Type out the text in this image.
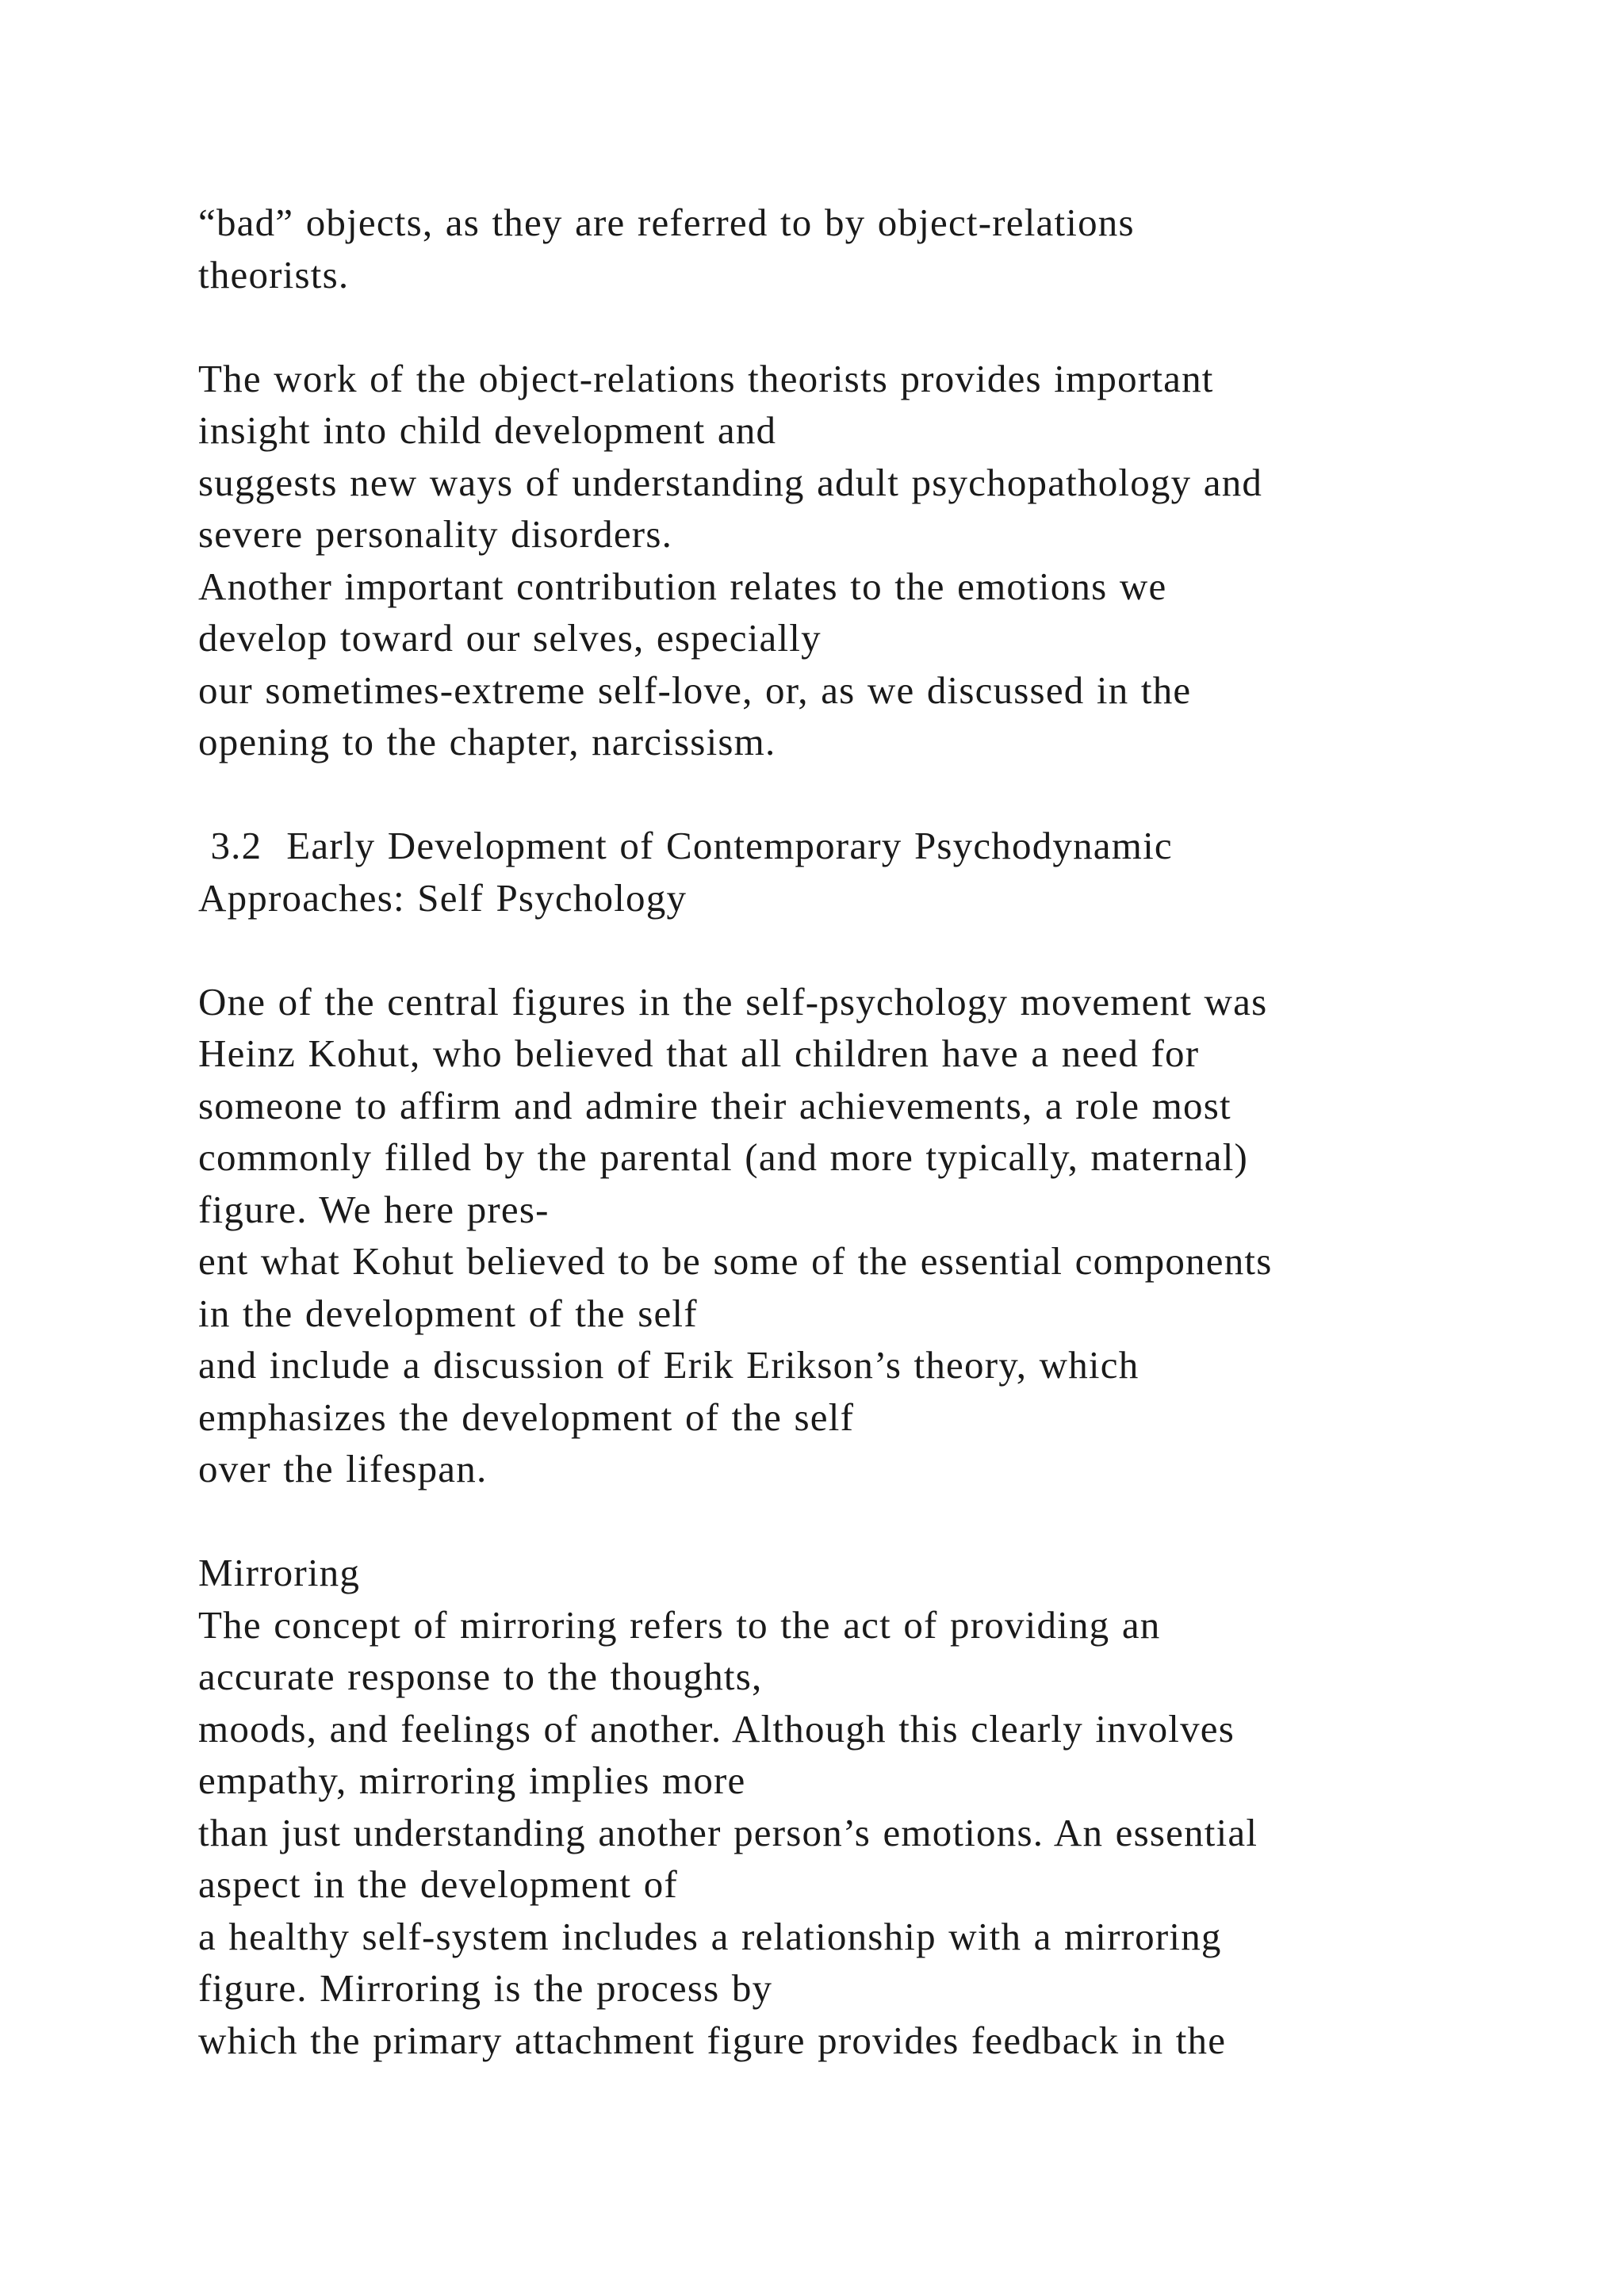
“bad” objects, as they are referred to by object-relations
theorists.
The work of the object-relations theorists provides important
insight into child development and
suggests new ways of understanding adult psychopathology and
severe personality disorders.
Another important contribution relates to the emotions we
develop toward our selves, especially
our sometimes-extreme self-love, or, as we discussed in the
opening to the chapter, narcissism.
3.2  Early Development of Contemporary Psychodynamic
Approaches: Self Psychology
One of the central figures in the self-psychology movement was
Heinz Kohut, who believed that all children have a need for
someone to affirm and admire their achievements, a role most
commonly filled by the parental (and more typically, maternal)
figure. We here pres-
ent what Kohut believed to be some of the essential components
in the development of the self
and include a discussion of Erik Erikson’s theory, which
emphasizes the development of the self
over the lifespan.
Mirroring
The concept of mirroring refers to the act of providing an
accurate response to the thoughts,
moods, and feelings of another. Although this clearly involves
empathy, mirroring implies more
than just understanding another person’s emotions. An essential
aspect in the development of
a healthy self-system includes a relationship with a mirroring
figure. Mirroring is the process by
which the primary attachment figure provides feedback in the
